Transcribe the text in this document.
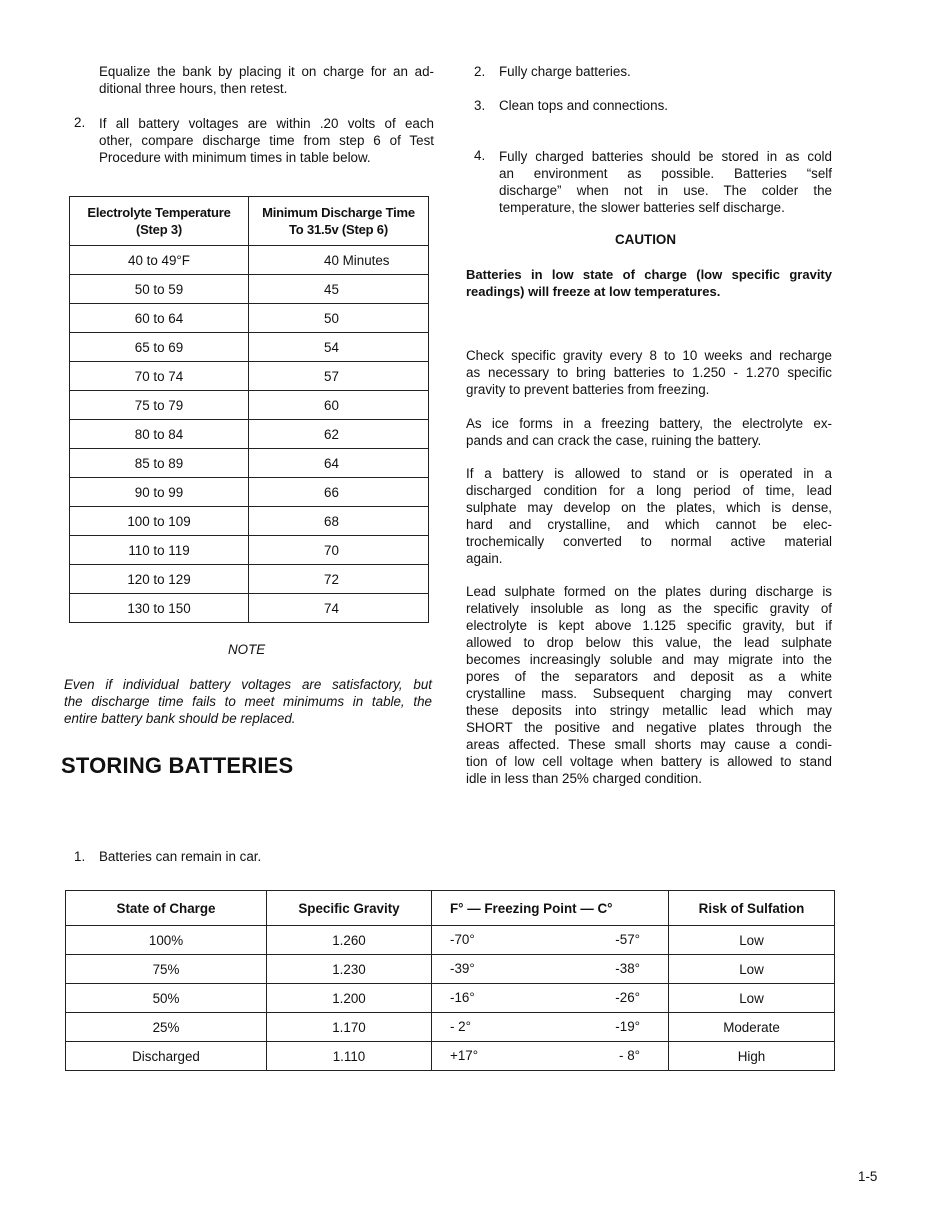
Equalize the bank by placing it on charge for an ad-
ditional three hours, then retest.
2. If all battery voltages are within .20 volts of each
other, compare discharge time from step 6 of Test
Procedure with minimum times in table below.
Electrolyte Temperature
(Step 3)	Minimum Discharge Time
To 31.5v (Step 6)

40 to 49°F	40 Minutes
50 to 59	45
60 to 64	50
65 to 69	54
70 to 74	57
75 to 79	60
80 to 84	62
85 to 89	64
90 to 99	66
100 to 109	68
110 to 119	70
120 to 129	72
130 to 150	74
NOTE
Even if individual battery voltages are satisfactory, but
the discharge time fails to meet minimums in table, the
entire battery bank should be replaced.
STORING BATTERIES
1. Batteries can remain in car.
2. Fully charge batteries.
3. Clean tops and connections.
4. Fully charged batteries should be stored in as cold
an environment as possible. Batteries “self
discharge” when not in use. The colder the
temperature, the slower batteries self discharge.
CAUTION
Batteries in low state of charge (low specific gravity
readings) will freeze at low temperatures.
Check specific gravity every 8 to 10 weeks and recharge
as necessary to bring batteries to 1.250 - 1.270 specific
gravity to prevent batteries from freezing.
As ice forms in a freezing battery, the electrolyte ex-
pands and can crack the case, ruining the battery.
If a battery is allowed to stand or is operated in a
discharged condition for a long period of time, lead
sulphate may develop on the plates, which is dense,
hard and crystalline, and which cannot be elec-
trochemically converted to normal active material
again.
Lead sulphate formed on the plates during discharge is
relatively insoluble as long as the specific gravity of
electrolyte is kept above 1.125 specific gravity, but if
allowed to drop below this value, the lead sulphate
becomes increasingly soluble and may migrate into the
pores of the separators and deposit as a white
crystalline mass. Subsequent charging may convert
these deposits into stringy metallic lead which may
SHORT the positive and negative plates through the
areas affected. These small shorts may cause a condi-
tion of low cell voltage when battery is allowed to stand
idle in less than 25% charged condition.
State of Charge	Specific Gravity	F° — Freezing Point — C°	Risk of Sulfation
100%	1.260	-70° -57°	Low
75%	1.230	-39° -38°	Low
50%	1.200	-16° -26°	Low
25%	1.170	- 2° -19°	Moderate
Discharged	1.110	+17° - 8°	High
1-5
